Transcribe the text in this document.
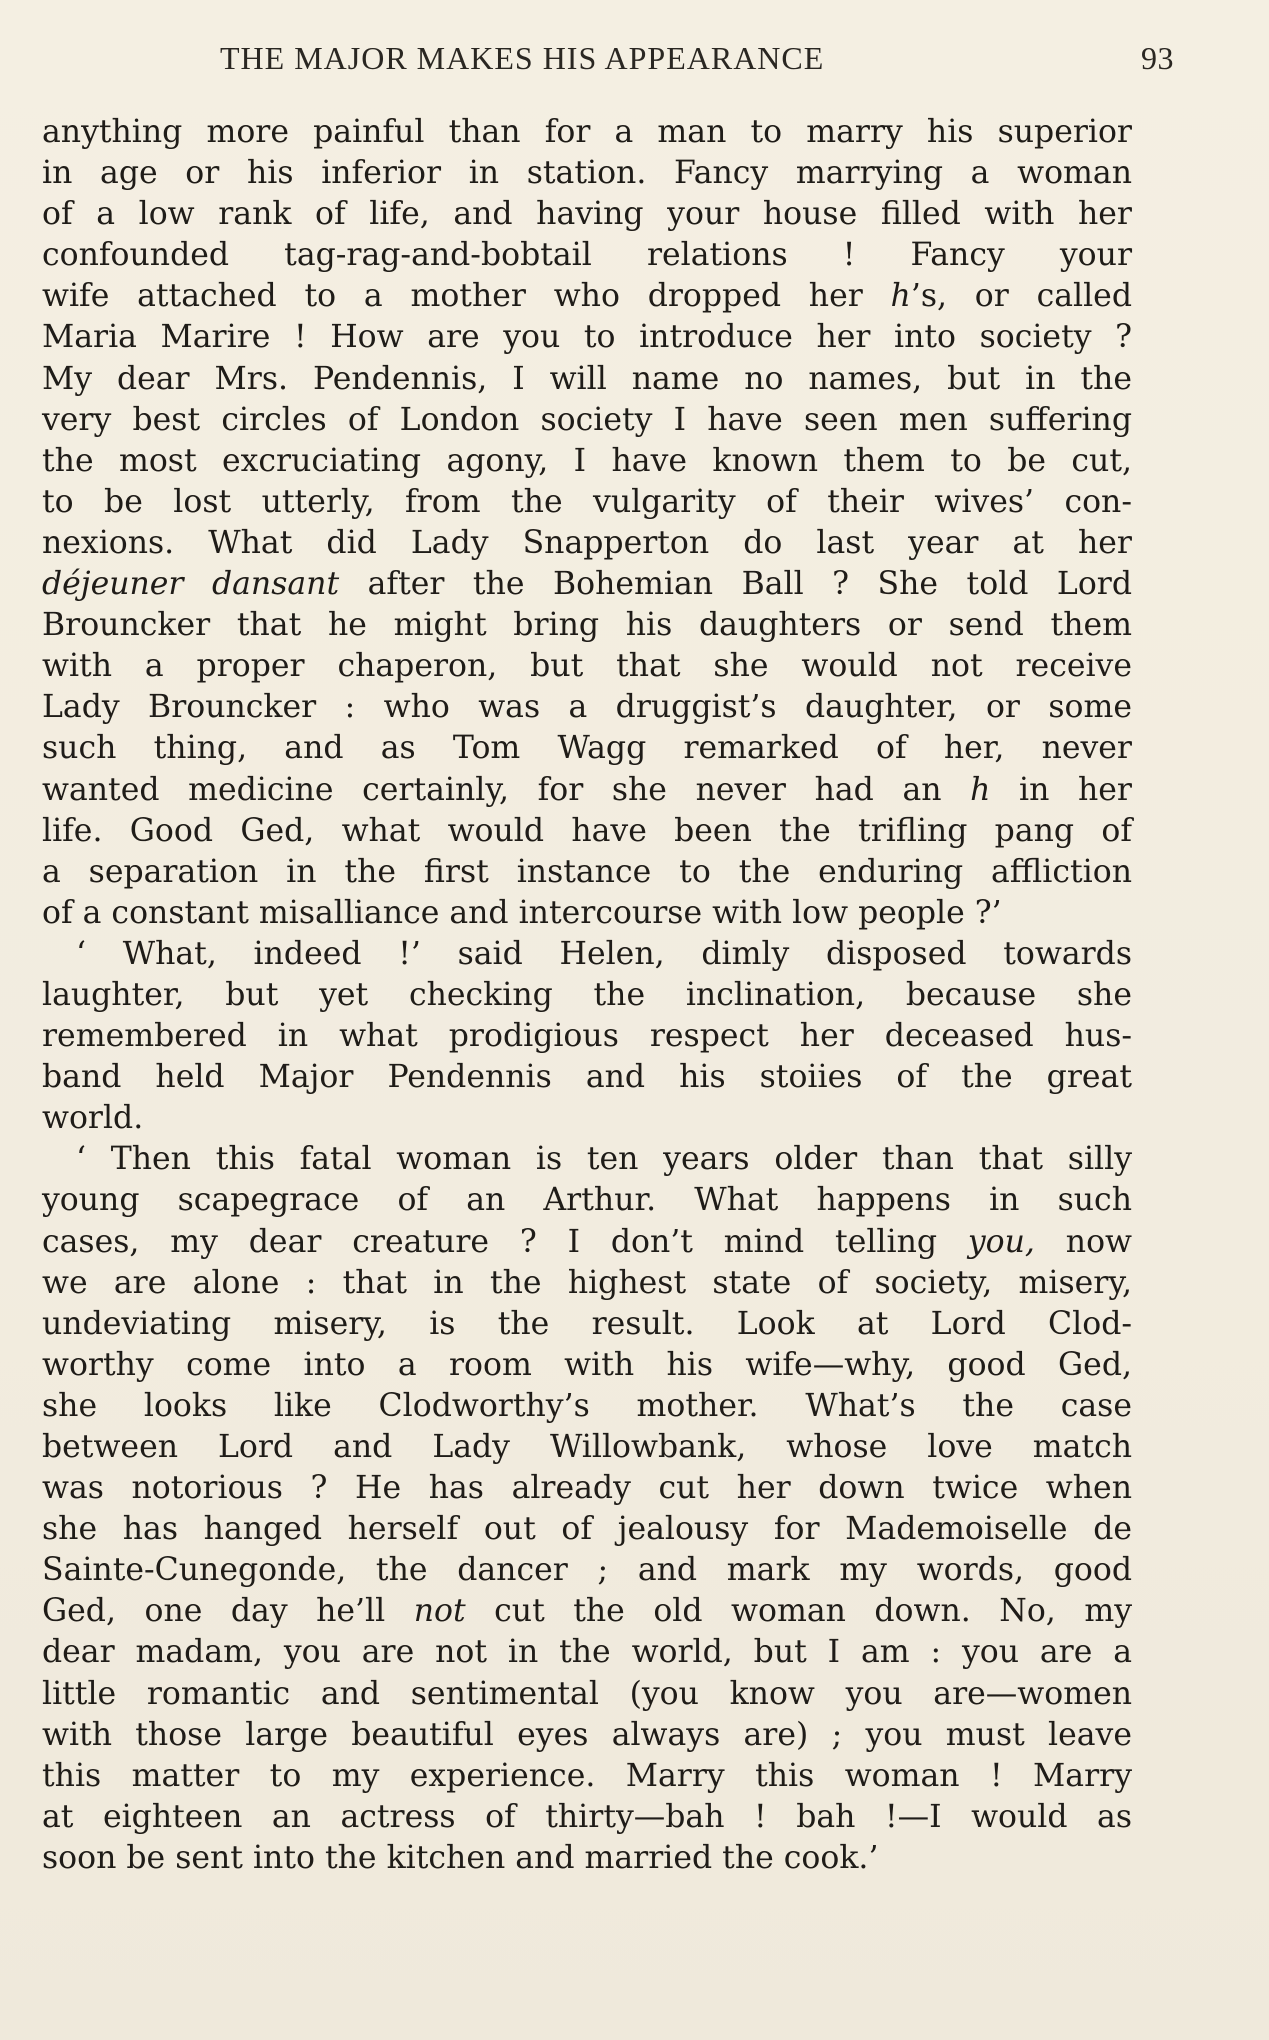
THE MAJOR MAKES HIS APPEARANCE	93
anything more painful than for a man to marry his superior
in age or his inferior in station. Fancy marrying a woman
of a low rank of life, and having your house filled with her
confounded tag-rag-and-bobtail relations ! Fancy your
wife attached to a mother who dropped her h’s, or called
Maria Marire ! How are you to introduce her into society ?
My dear Mrs. Pendennis, I will name no names, but in the
very best circles of London society I have seen men suffering
the most excruciating agony, I have known them to be cut,
to be lost utterly, from the vulgarity of their wives’ con-
nexions. What did Lady Snapperton do last year at her
déjeuner dansant after the Bohemian Ball ? She told Lord
Brouncker that he might bring his daughters or send them
with a proper chaperon, but that she would not receive
Lady Brouncker : who was a druggist’s daughter, or some
such thing, and as Tom Wagg remarked of her, never
wanted medicine certainly, for she never had an h in her
life. Good Ged, what would have been the trifling pang of
a separation in the first instance to the enduring affliction
of a constant misalliance and intercourse with low people ?’
‘ What, indeed !’ said Helen, dimly disposed towards
laughter, but yet checking the inclination, because she
remembered in what prodigious respect her deceased hus-
band held Major Pendennis and his stoiies of the great
world.
‘ Then this fatal woman is ten years older than that silly
young scapegrace of an Arthur. What happens in such
cases, my dear creature ? I don’t mind telling you, now
we are alone : that in the highest state of society, misery,
undeviating misery, is the result. Look at Lord Clod-
worthy come into a room with his wife—why, good Ged,
she looks like Clodworthy’s mother. What’s the case
between Lord and Lady Willowbank, whose love match
was notorious ? He has already cut her down twice when
she has hanged herself out of jealousy for Mademoiselle de
Sainte-Cunegonde, the dancer ; and mark my words, good
Ged, one day he’ll not cut the old woman down. No, my
dear madam, you are not in the world, but I am : you are a
little romantic and sentimental (you know you are—women
with those large beautiful eyes always are) ; you must leave
this matter to my experience. Marry this woman ! Marry
at eighteen an actress of thirty—bah ! bah !—I would as
soon be sent into the kitchen and married the cook.’
